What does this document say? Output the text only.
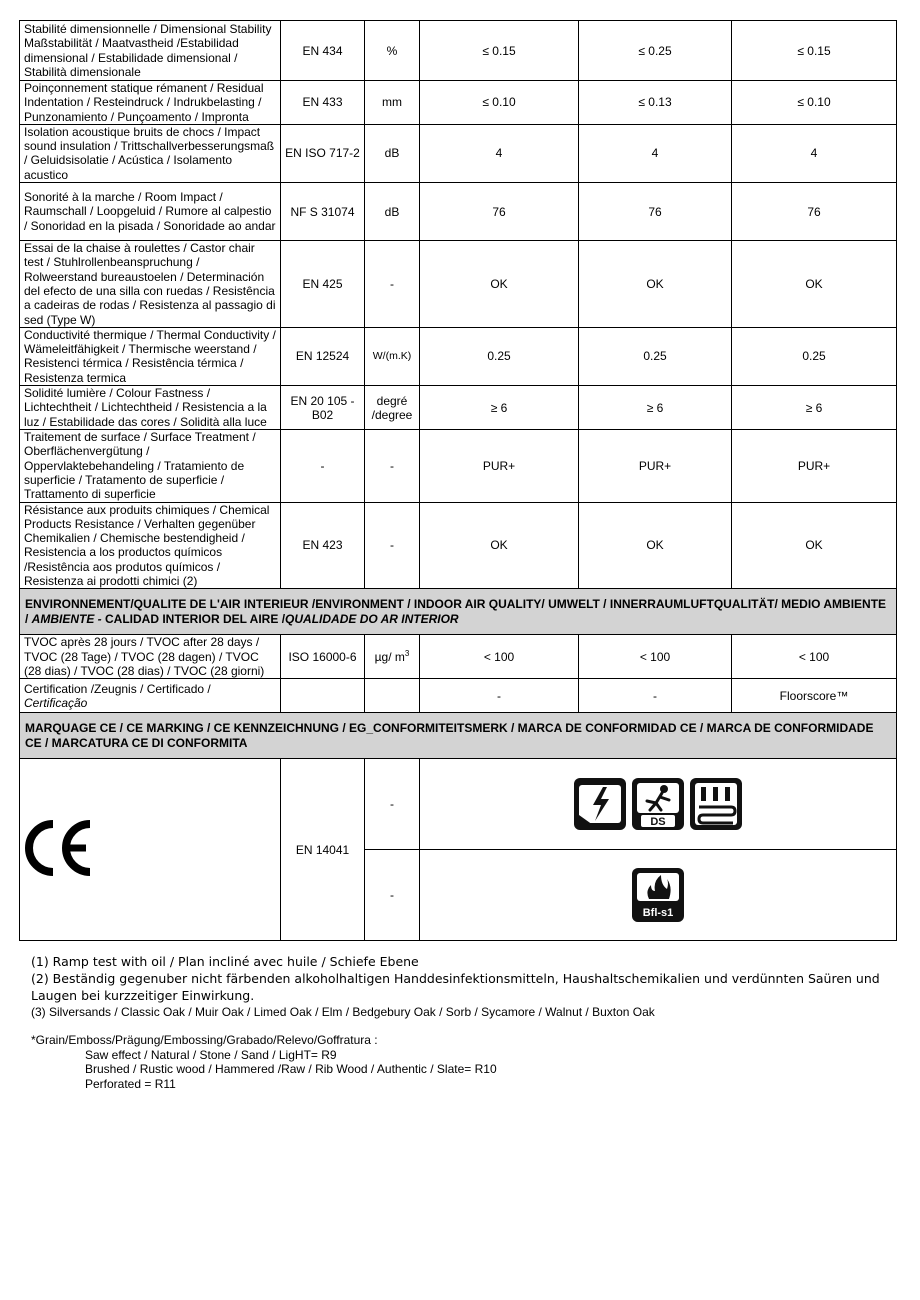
Stabilité dimensionnelle / Dimensional Stability Maßstabilität / Maatvastheid /Estabilidad dimensional / Estabilidade dimensional / Stabilità dimensionale	EN 434	%	≤ 0.15	≤ 0.25	≤ 0.15
Poinçonnement statique rémanent / Residual Indentation / Resteindruck / Indrukbelasting / Punzonamiento / Punçoamento / Impronta	EN 433	mm	≤ 0.10	≤ 0.13	≤ 0.10
Isolation acoustique bruits de chocs / Impact sound insulation / Trittschallverbesserungsmaß / Geluidsisolatie / Acústica / Isolamento acustico	EN ISO 717-2	dB	4	4	4
Sonorité à la marche / Room Impact / Raumschall / Loopgeluid / Rumore al calpestio / Sonoridad en la pisada / Sonoridade ao andar	NF S 31074	dB	76	76	76
Essai de la chaise à roulettes / Castor chair test / Stuhlrollenbeanspruchung / Rolweerstand bureaustoelen / Determinación del efecto de una silla con ruedas / Resistência a cadeiras de rodas / Resistenza al passagio di sed (Type W)	EN 425	-	OK	OK	OK
Conductivité thermique / Thermal Conductivity / Wämeleitfähigkeit / Thermische weerstand / Resistenci térmica / Resistência térmica / Resistenza termica	EN 12524	W/(m.K)	0.25	0.25	0.25
Solidité lumière / Colour Fastness / Lichtechtheit / Lichtechtheid / Resistencia a la luz / Estabilidade das cores / Solidità alla luce	EN 20 105 - B02	degré /degree	≥ 6	≥ 6	≥ 6
Traitement de surface / Surface Treatment / Oberflächenvergütung / Oppervlaktebehandeling / Tratamiento de superficie / Tratamento de superficie / Trattamento di superficie	-	-	PUR+	PUR+	PUR+
Résistance aux produits chimiques / Chemical Products Resistance / Verhalten gegenüber Chemikalien / Chemische bestendigheid / Resistencia a los productos químicos /Resistência aos produtos químicos / Resistenza ai prodotti chimici (2)	EN 423	-	OK	OK	OK
ENVIRONNEMENT/QUALITE DE L'AIR INTERIEUR /ENVIRONMENT / INDOOR AIR QUALITY/ UMWELT / INNERRAUMLUFTQUALITÄT/ MEDIO AMBIENTE / AMBIENTE - CALIDAD INTERIOR DEL AIRE /QUALIDADE DO AR INTERIOR					
TVOC après 28 jours / TVOC after 28 days / TVOC (28 Tage) / TVOC (28 dagen) / TVOC (28 dias) / TVOC (28 dias) / TVOC (28 giorni)	ISO 16000-6	µg/ $m^3$	< 100	< 100	< 100
Certification /Zeugnis / Certificado / Certificação			-	-	Floorscore™
MARQUAGE CE / CE MARKING / CE KENNZEICHNUNG / EG_CONFORMITEITSMERK / MARCA DE CONFORMIDAD CE / MARCA DE CONFORMIDADE CE / MARCATURA CE DI CONFORMITA					
	EN 14041	-	DS		

		-	Bfl-s1		
(1) Ramp test with oil / Plan incliné avec huile / Schiefe Ebene
(2) Beständig gegenuber nicht färbenden alkoholhaltigen Handdesinfektionsmitteln, Haushaltschemikalien und verdünnten Saüren und Laugen bei kurzzeitiger Einwirkung.
(3) Silversands / Classic Oak / Muir Oak / Limed Oak / Elm / Bedgebury Oak / Sorb / Sycamore / Walnut / Buxton Oak
*Grain/Emboss/Prägung/Embossing/Grabado/Relevo/Goffratura :
Saw effect / Natural / Stone / Sand / LigHT= R9
Brushed / Rustic wood / Hammered /Raw / Rib Wood / Authentic / Slate= R10
Perforated = R11
